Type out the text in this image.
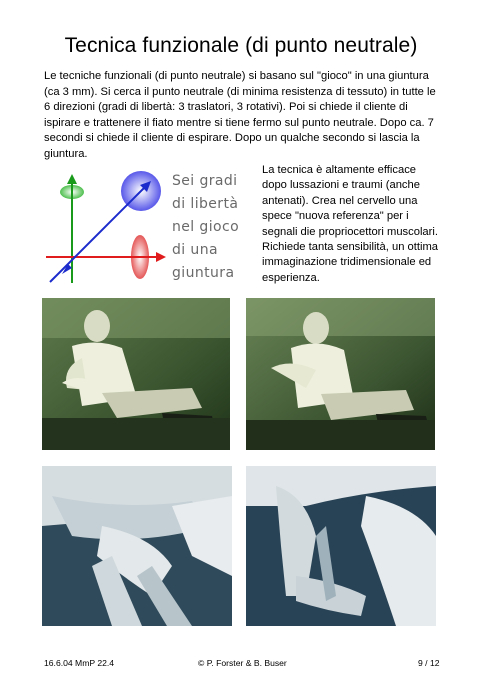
Tecnica funzionale (di punto neutrale)
Le tecniche funzionali (di punto neutrale) si basano sul "gioco" in una giuntura (ca 3 mm). Si cerca il punto neutrale (di minima resistenza di tessuto) in tutte le 6 direzioni (gradi di libertà: 3 traslatori, 3 rotativi). Poi si chiede il cliente di ispirare e trattenere il fiato mentre si tiene fermo sul punto neutrale. Dopo ca. 7 secondi si chiede il cliente di espirare. Dopo un qualche secondo si lascia la giuntura.
Sei gradi
di libertà
nel gioco
di una
giuntura
La tecnica è altamente efficace dopo lussazioni e traumi (anche antenati). Crea nel cervello una spece "nuova referenza" per i segnali die propriocettori muscolari. Richiede tanta sensibilità, un ottima immaginazione tridimensionale ed esperienza.
16.6.04 MmP 22.4	© P. Forster & B. Buser	9 / 12
